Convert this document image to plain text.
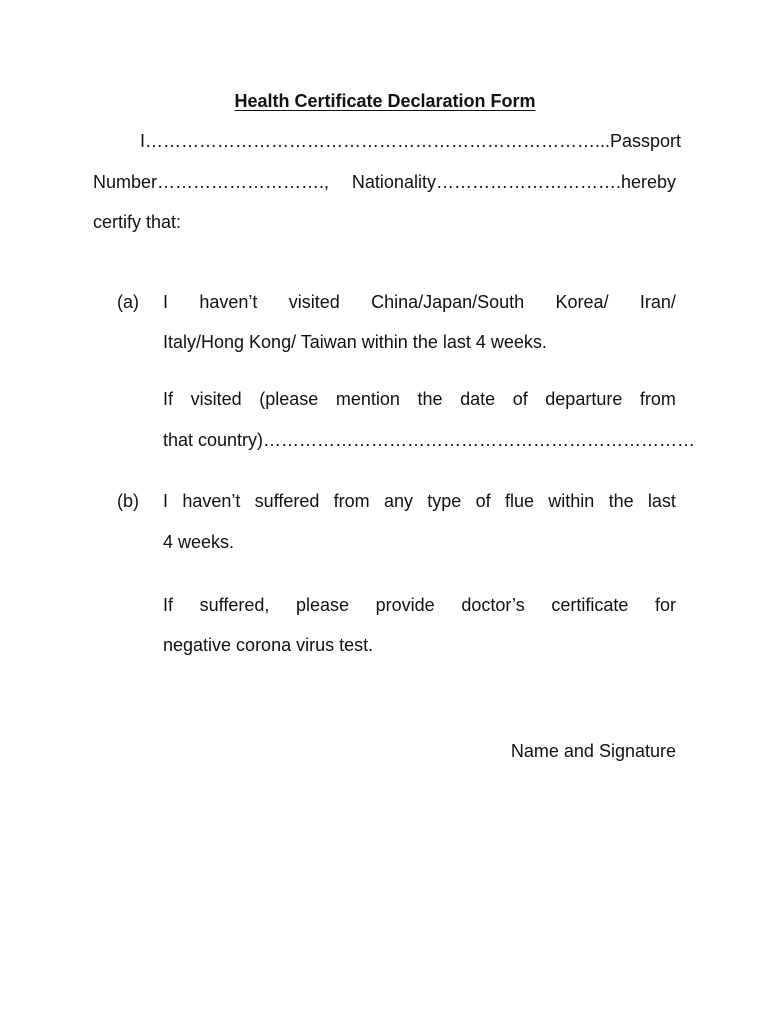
Health Certificate Declaration Form
I…………………………………………………………………... Passport
Number………………………., Nationality………………………….hereby
certify that:
(a) I haven’t visited China/Japan/South Korea/ Iran/
Italy/Hong Kong/ Taiwan within the last 4 weeks.
If visited (please mention the date of departure from
that country)………………………………………………………………
(b) I haven’t suffered from any type of flue within the last
4 weeks.
If suffered, please provide doctor’s certificate for
negative corona virus test.
Name and Signature
